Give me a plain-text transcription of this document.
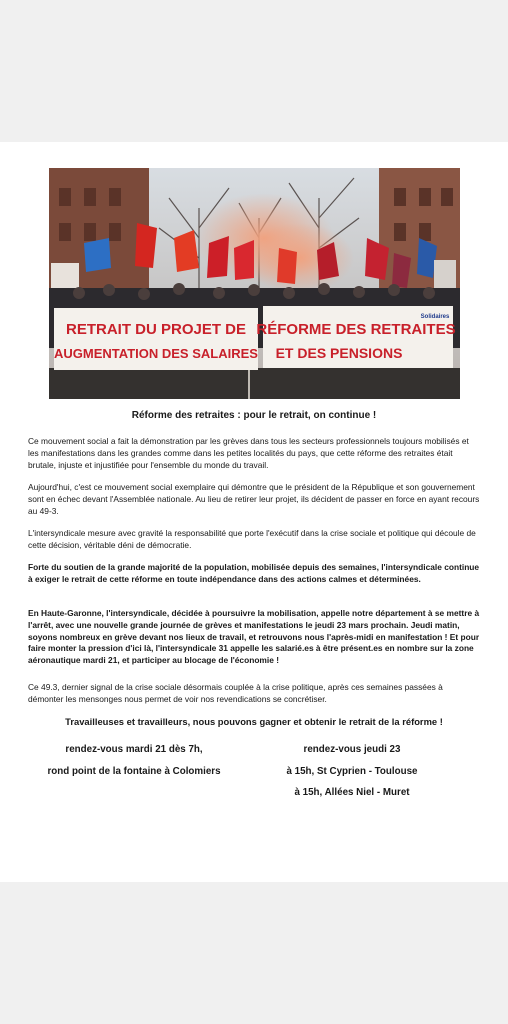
RETRAIT DU PROJET DE
AUGMENTATION DES SALAIRES
RÉFORME DES RETRAITES
ET DES PENSIONS
Solidaires
Réforme des retraites : pour le retrait, on continue !

Ce mouvement social a fait la démonstration par les grèves dans tous les secteurs professionnels toujours mobilisés et les manifestations dans les grandes comme dans les petites localités du pays, que cette réforme des retraites était brutale, injuste et injustifiée pour l'ensemble du monde du travail.

Aujourd'hui, c'est ce mouvement social exemplaire qui démontre que le président de la République et son gouvernement sont en échec devant l'Assemblée nationale. Au lieu de retirer leur projet, ils décident de passer en force en ayant recours au 49-3.

L'intersyndicale mesure avec gravité la responsabilité que porte l'exécutif dans la crise sociale et politique qui découle de cette décision, véritable déni de démocratie.

Forte du soutien de la grande majorité de la population, mobilisée depuis des semaines, l'intersyndicale continue à exiger le retrait de cette réforme en toute indépendance dans des actions calmes et déterminées.

En Haute-Garonne, l'intersyndicale, décidée à poursuivre la mobilisation, appelle notre département à se mettre à l'arrêt, avec une nouvelle grande journée de grèves et manifestations le jeudi 23 mars prochain. Jeudi matin, soyons nombreux en grève devant nos lieux de travail, et retrouvons nous l'après-midi en manifestation ! Et pour faire monter la pression d'ici là, l'intersyndicale 31 appelle les salarié.es à être présent.es en nombre sur la zone aéronautique mardi 21, et participer au blocage de l'économie !

Ce 49.3, dernier signal de la crise sociale désormais couplée à la crise politique, après ces semaines passées à démonter les mensonges nous permet de voir nos revendications se concrétiser.

Travailleuses et travailleurs, nous pouvons gagner et obtenir le retrait de la réforme !
rendez-vous mardi 21 dès 7h,
rond point de la fontaine à Colomiers
rendez-vous jeudi 23
à 15h, St Cyprien - Toulouse
à 15h, Allées Niel - Muret
